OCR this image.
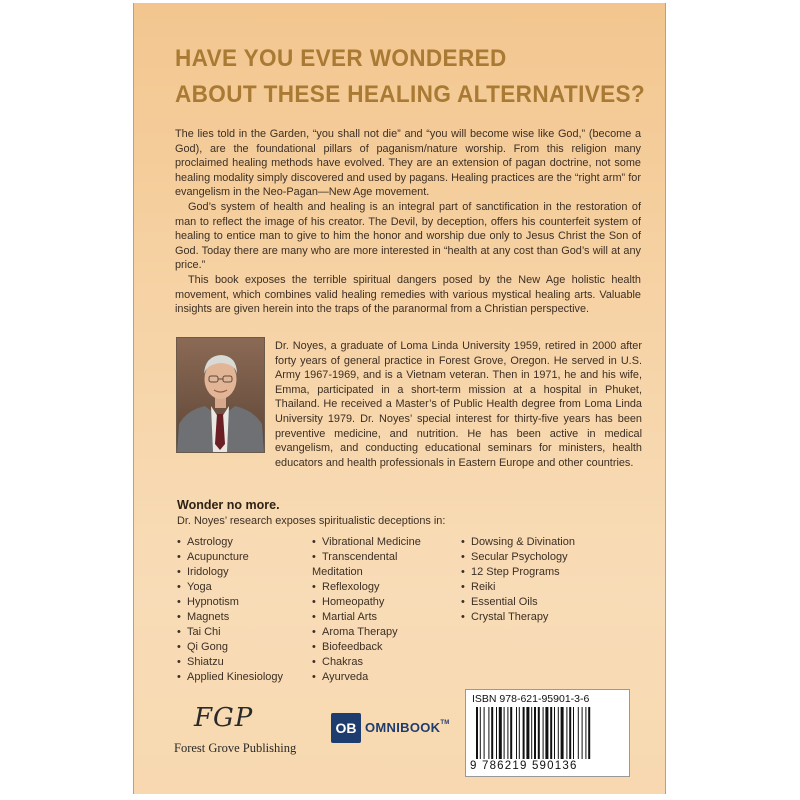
HAVE YOU EVER WONDERED
ABOUT THESE HEALING ALTERNATIVES?

The lies told in the Garden, “you shall not die” and “you will become wise like God,” (become a God), are the foundational pillars of paganism/nature worship. From this religion many proclaimed healing methods have evolved. They are an extension of pagan doctrine, not some healing modality simply discovered and used by pagans. Healing practices are the “right arm” for evangelism in the Neo-Pagan—New Age movement.

God’s system of health and healing is an integral part of sanctification in the restoration of man to reflect the image of his creator. The Devil, by deception, offers his counterfeit system of healing to entice man to give to him the honor and worship due only to Jesus Christ the Son of God. Today there are many who are more interested in “health at any cost than God’s will at any price.”

This book exposes the terrible spiritual dangers posed by the New Age holistic health movement, which combines valid healing remedies with various mystical healing arts. Valuable insights are given herein into the traps of the paranormal from a Christian perspective.

Dr. Noyes, a graduate of Loma Linda University 1959, retired in 2000 after forty years of general practice in Forest Grove, Oregon. He served in U.S. Army 1967-1969, and is a Vietnam veteran. Then in 1971, he and his wife, Emma, participated in a short-term mission at a hospital in Phuket, Thailand. He received a Master’s of Public Health degree from Loma Linda University 1979. Dr. Noyes’ special interest for thirty-five years has been preventive medicine, and nutrition. He has been active in medical evangelism, and conducting educational seminars for ministers, health educators and health professionals in Eastern Europe and other countries.

Wonder no more.
Dr. Noyes’ research exposes spiritualistic deceptions in:
• Astrology
• Acupuncture
• Iridology
• Yoga
• Hypnotism
• Magnets
• Tai Chi
• Qi Gong
• Shiatzu
• Applied Kinesiology
• Vibrational Medicine
• Transcendental
Meditation
• Reflexology
• Homeopathy
• Martial Arts
• Aroma Therapy
• Biofeedback
• Chakras
• Ayurveda
• Dowsing & Divination
• Secular Psychology
• 12 Step Programs
• Reiki
• Essential Oils
• Crystal Therapy
FGP
Forest Grove Publishing
OB OMNIBOOK™
ISBN 978-621-95901-3-6
9 786219 590136
